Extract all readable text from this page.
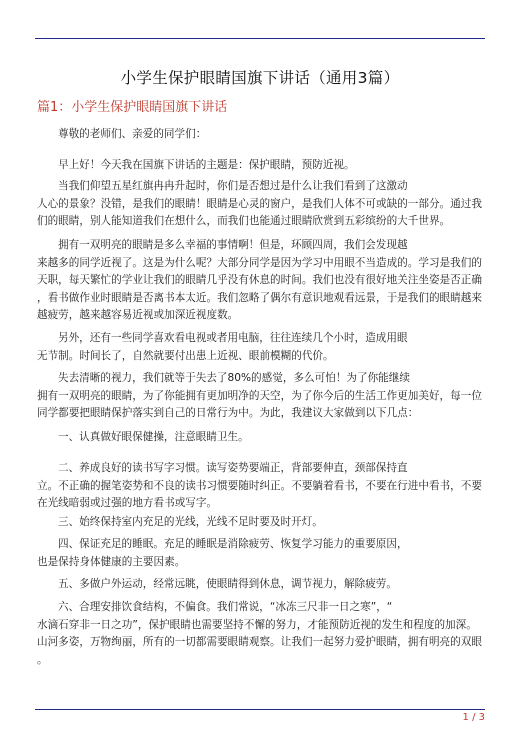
小学生保护眼睛国旗下讲话（通用3篇）
篇1：小学生保护眼睛国旗下讲话
尊敬的老师们、亲爱的同学们：
早上好！今天我在国旗下讲话的主题是：保护眼睛，预防近视。
当我们仰望五星红旗冉冉升起时，你们是否想过是什么让我们看到了这激动
人心的景象？没错，是我们的眼睛！眼睛是心灵的窗户，是我们人体不可或缺的一部分。通过我
们的眼睛，别人能知道我们在想什么，而我们也能通过眼睛欣赏到五彩缤纷的大千世界。
拥有一双明亮的眼睛是多么幸福的事情啊！但是，环顾四周，我们会发现越
来越多的同学近视了。这是为什么呢？大部分同学是因为学习中用眼不当造成的。学习是我们的
天职，每天繁忙的学业让我们的眼睛几乎没有休息的时间。我们也没有很好地关注坐姿是否正确
，看书做作业时眼睛是否离书本太近。我们忽略了偶尔有意识地观看远景，于是我们的眼睛越来
越疲劳，越来越容易近视或加深近视度数。
另外，还有一些同学喜欢看电视或者用电脑，往往连续几个小时，造成用眼
无节制。时间长了，自然就要付出患上近视、眼前模糊的代价。
失去清晰的视力，我们就等于失去了80%的感觉，多么可怕！为了你能继续
拥有一双明亮的眼睛，为了你能拥有更加明净的天空，为了你今后的生活工作更加美好，每一位
同学都要把眼睛保护落实到自己的日常行为中。为此，我建议大家做到以下几点：
一、认真做好眼保健操，注意眼睛卫生。
二、养成良好的读书写字习惯。读写姿势要端正，背部要伸直，颈部保持直
立。不正确的握笔姿势和不良的读书习惯要随时纠正。不要躺着看书，不要在行进中看书，不要
在光线暗弱或过强的地方看书或写字。
三、始终保持室内充足的光线，光线不足时要及时开灯。
四、保证充足的睡眠。充足的睡眠是消除疲劳、恢复学习能力的重要原因，
也是保持身体健康的主要因素。
五、多做户外运动，经常远眺，使眼睛得到休息，调节视力，解除疲劳。
六、合理安排饮食结构，不偏食。我们常说，“冰冻三尺非一日之寒”，“
水滴石穿非一日之功”，保护眼睛也需要坚持不懈的努力，才能预防近视的发生和程度的加深。
山河多姿，万物绚丽，所有的一切都需要眼睛观察。让我们一起努力爱护眼睛，拥有明亮的双眼
。
1 / 3
